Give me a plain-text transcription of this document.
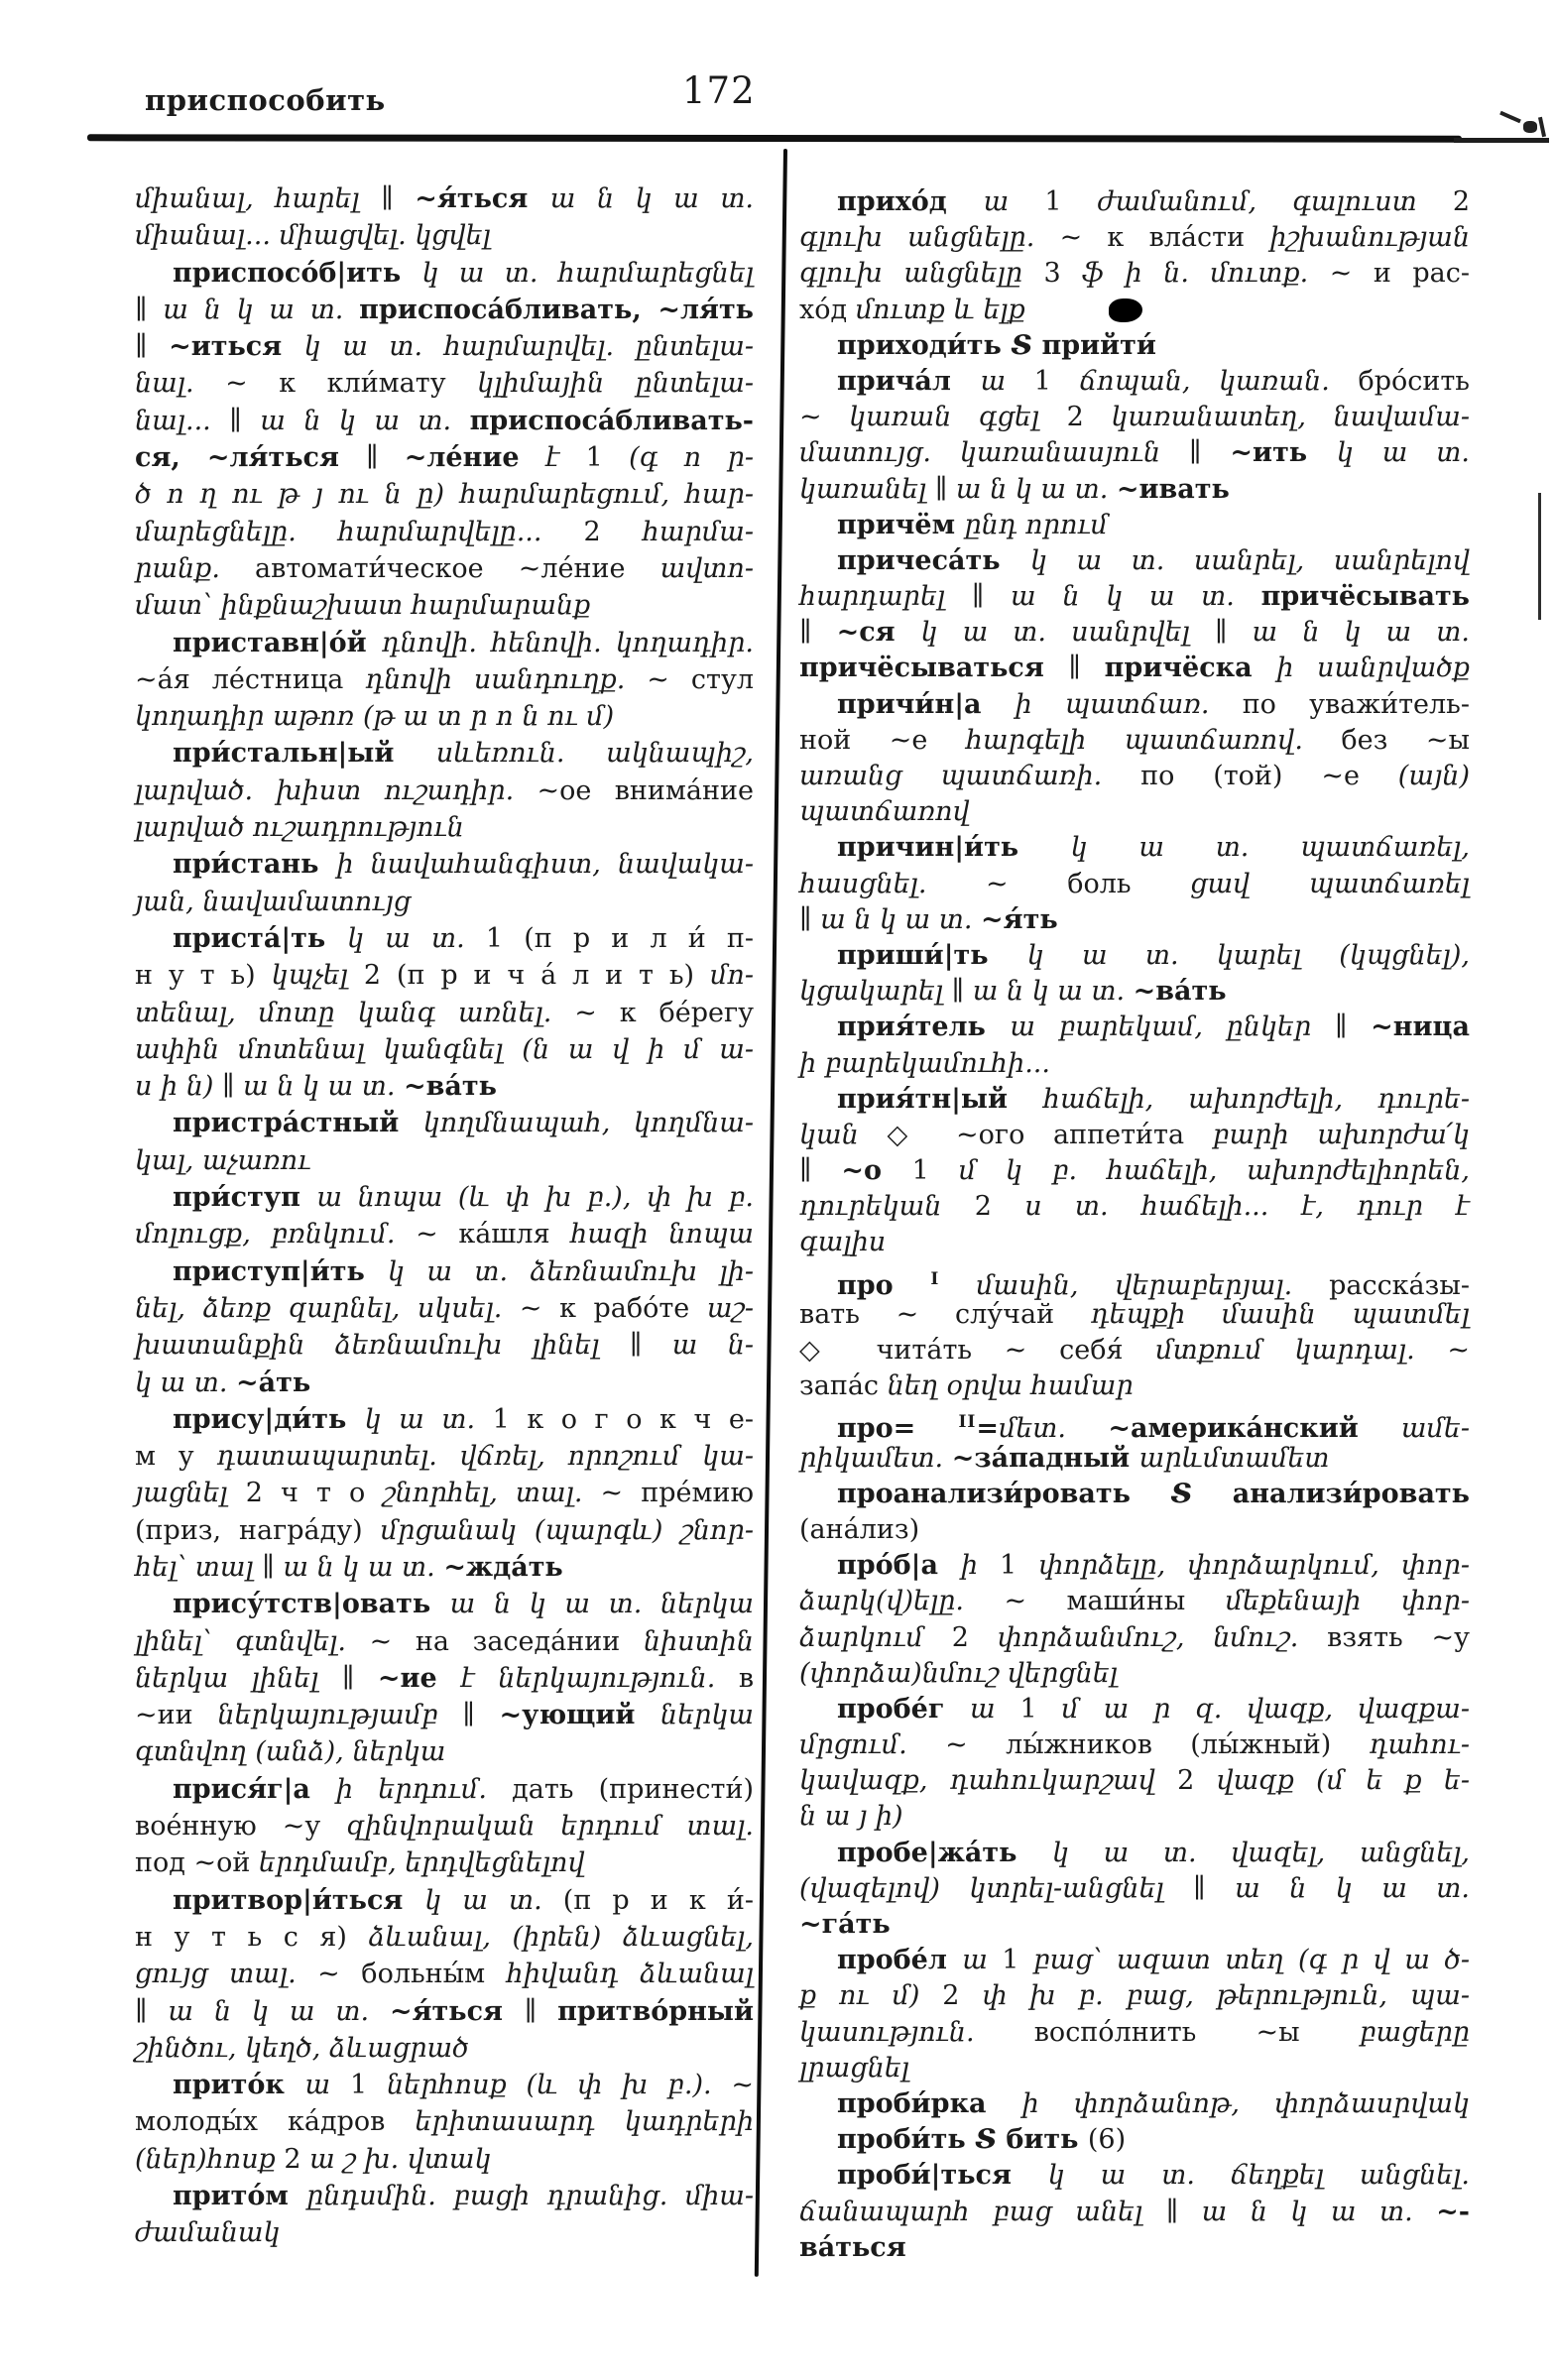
приспособить	172
միանալ, հարել ∥ ~я́ться ա ն կ ա տ.
միանալ... միացվել. կցվել
приспосо́б|ить կ ա տ. հարմարեցնել
∥ ա ն կ ա տ. приспоса́бливать, ~ля́ть
∥ ~иться կ ա տ. հարմարվել. ընտելա-
նալ. ~ к кли́мату կլիմային ընտելա-
նալ... ∥ ա ն կ ա տ. приспоса́бливать-
ся, ~ля́ться ∥ ~ле́ние է 1 (գ ո ր-
ծ ո ղ ու թ յ ու ն ը) հարմարեցում, հար-
մարեցնելը. հարմարվելը... 2 հարմա-
րանք. автомати́ческое ~ле́ние ավտո-
մատ՝ ինքնաշխատ հարմարանք
приставн|о́й դնովի. հենովի. կողադիր.
~а́я ле́стница դնովի սանդուղք. ~ стул
կողադիր աթոռ (թ ա տ ր ո ն ու մ)
при́стальн|ый սևեռուն. ակնապիշ,
լարված. խիստ ուշադիր. ~ое внима́ние
լարված ուշադրություն
при́стань ի նավահանգիստ, նավակա-
յան, նավամատույց
приста́|ть կ ա տ. 1 (п р и л и́ п-
н у т ь) կպչել 2 (п р и ч а́ л и т ь) մո-
տենալ, մոտը կանգ առնել. ~ к бе́регу
ափին մոտենալ կանգնել (ն ա վ ի մ ա-
ս ի ն) ∥ ա ն կ ա տ. ~ва́ть
пристра́стный կողմնապահ, կողմնա-
կալ, աչառու
при́ступ ա նոպա (և փ խ բ.), փ խ բ.
մոլուցք, բռնկում. ~ ка́шля հազի նոպա
приступ|и́ть կ ա տ. ձեռնամուխ լի-
նել, ձեռք զարնել, սկսել. ~ к рабо́те աշ-
խատանքին ձեռնամուխ լինել ∥ ա ն-
կ ա տ. ~а́ть
прису|ди́ть կ ա տ. 1 к о г о к ч е-
м у դատապարտել. վճռել, որոշում կա-
յացնել 2 ч т о շնորհել, տալ. ~ пре́мию
(приз, награ́ду) մրցանակ (պարգև) շնոր-
հել՝ տալ ∥ ա ն կ ա տ. ~жда́ть
прису́тств|овать ա ն կ ա տ. ներկա
լինել՝ գտնվել. ~ на заседа́нии նիստին
ներկա լինել ∥ ~ие է ներկայություն. в
~ии ներկայությամբ ∥ ~ующий ներկա
գտնվող (անձ), ներկա
прися́г|а ի երդում. дать (принести́)
вое́нную ~у զինվորական երդում տալ.
под ~ой երդմամբ, երդվեցնելով
притвор|и́ться կ ա տ. (п р и к и́-
н у т ь с я) ձևանալ, (իրեն) ձևացնել,
ցույց տալ. ~ больны́м հիվանդ ձևանալ
∥ ա ն կ ա տ. ~я́ться ∥ притво́рный
շինծու, կեղծ, ձևացրած
прито́к ա 1 ներհոսք (և փ խ բ.). ~
молоды́х ка́дров երիտասարդ կադրերի
(ներ)հոսք 2 ա շ խ. վտակ
прито́м ընդսմին. բացի դրանից. միա-
ժամանակ
прихо́д ա 1 ժամանում, գալուստ 2
գլուխ անցնելը. ~ к вла́сти իշխանության
գլուխ անցնելը 3 ֆ ի ն. մուտք. ~ и рас-
хо́д մուտք և ելք
приходи́ть Տ прийти́
прича́л ա 1 ճոպան, կառան. бро́сить
~ կառան գցել 2 կառանատեղ, նավամա-
մատույց. կառանասյուն ∥ ~ить կ ա տ.
կառանել ∥ ա ն կ ա տ. ~ивать
причём ընդ որում
причеса́ть կ ա տ. սանրել, սանրելով
հարդարել ∥ ա ն կ ա տ. причёсывать
∥ ~ся կ ա տ. սանրվել ∥ ա ն կ ա տ.
причёсываться ∥ причёска ի սանրվածք
причи́н|а ի պատճառ. по уважи́тель-
ной ~е հարգելի պատճառով. без ~ы
առանց պատճառի. по (той) ~е (այն)
պատճառով
причин|и́ть կ ա տ. պատճառել,
հասցնել. ~ боль ցավ պատճառել
∥ ա ն կ ա տ. ~я́ть
приши́|ть կ ա տ. կարել (կպցնել),
կցակարել ∥ ա ն կ ա տ. ~ва́ть
прия́тель ա բարեկամ, ընկեր ∥ ~ница
ի բարեկամուհի...
прия́тн|ый հաճելի, ախորժելի, դուրե-
կան ◇ ~ого аппети́та բարի ախորժա՛կ
∥ ~о 1 մ կ բ. հաճելի, ախորժելիորեն,
դուրեկան 2 ս տ. հաճելի... է, դուր է
գալիս
про $^I$ մասին, վերաբերյալ. расска́зы-
вать ~ слу́чай դեպքի մասին պատմել
◇ чита́ть ~ себя́ մտքում կարդալ. ~
запа́с նեղ օրվա համար
про= $^{II}$=մետ. ~америка́нский ամե-
րիկամետ. ~за́падный արևմտամետ
проанализи́ровать Տ анализи́ровать
(ана́лиз)
про́б|а ի 1 փորձելը, փորձարկում, փոր-
ձարկ(վ)ելը. ~ маши́ны մեքենայի փոր-
ձարկում 2 փորձանմուշ, նմուշ. взять ~у
(փորձա)նմուշ վերցնել
пробе́г ա 1 մ ա ր զ. վազք, վազքա-
մրցում. ~ лы́жников (лы́жный) դահու-
կավազք, դահուկարշավ 2 վազք (մ ե ք ե-
ն ա յ ի)
пробе|жа́ть կ ա տ. վազել, անցնել,
(վազելով) կտրել-անցնել ∥ ա ն կ ա տ.
~га́ть
пробе́л ա 1 բաց՝ ազատ տեղ (գ ր վ ա ծ-
ք ու մ) 2 փ խ բ. բաց, թերություն, պա-
կասություն. воспо́лнить ~ы բացերը
լրացնել
проби́рка ի փորձանոթ, փորձասրվակ
проби́ть Տ бить (6)
проби́|ться կ ա տ. ճեղքել անցնել.
ճանապարհ բաց անել ∥ ա ն կ ա տ. ~-
ва́ться
